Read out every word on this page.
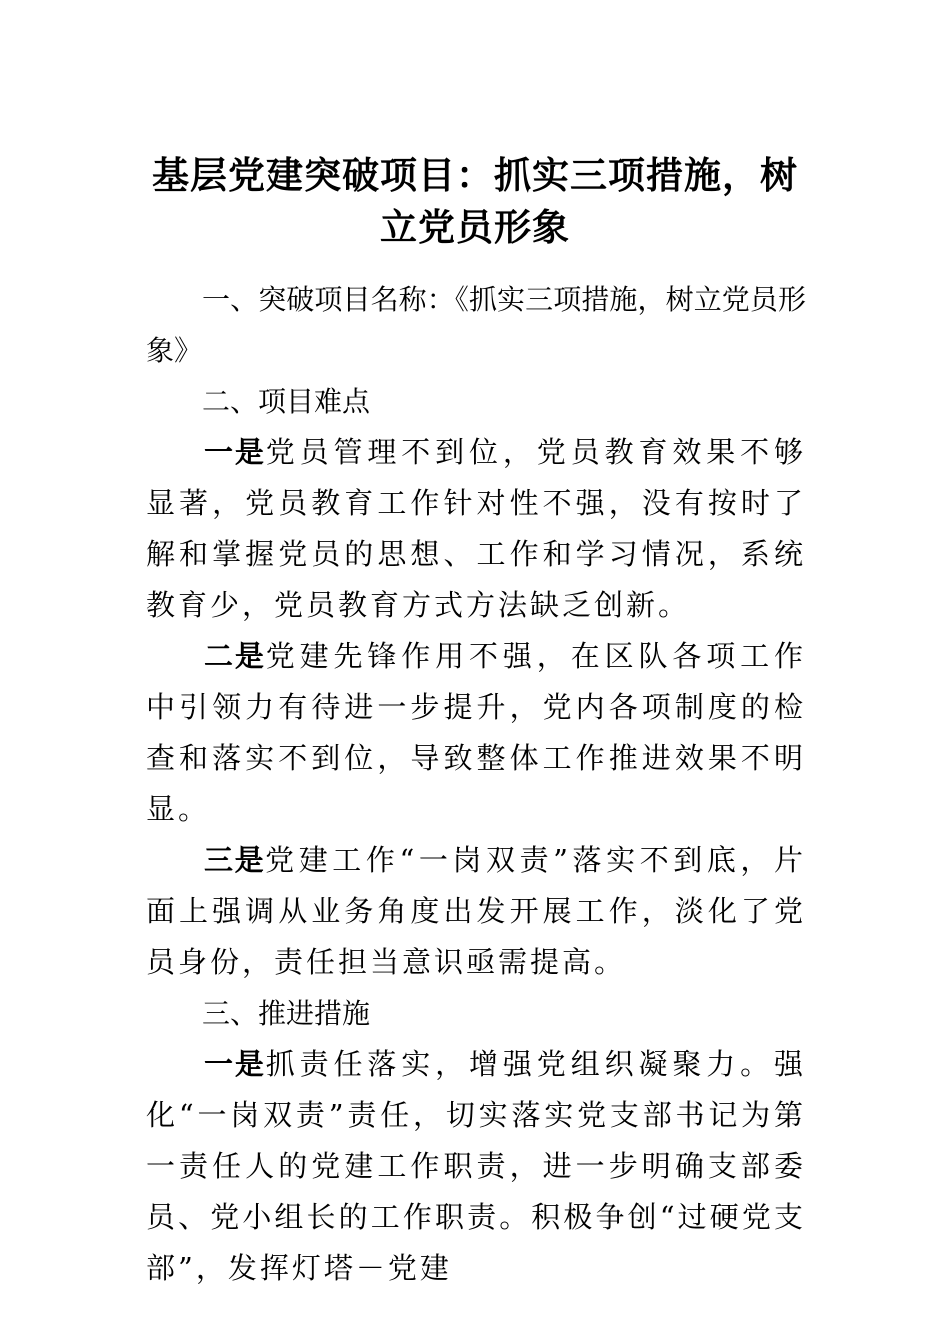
基层党建突破项目：抓实三项措施，树立党员形象

一、突破项目名称：《抓实三项措施，树立党员形象》

二、项目难点

一是党员管理不到位，党员教育效果不够显著，党员教育工作针对性不强，没有按时了解和掌握党员的思想、工作和学习情况，系统教育少，党员教育方式方法缺乏创新。

二是党建先锋作用不强，在区队各项工作中引领力有待进一步提升，党内各项制度的检查和落实不到位，导致整体工作推进效果不明显。

三是党建工作“一岗双责”落实不到底，片面上强调从业务角度出发开展工作，淡化了党员身份，责任担当意识亟需提高。

三、推进措施

一是抓责任落实，增强党组织凝聚力。强化“一岗双责”责任，切实落实党支部书记为第一责任人的党建工作职责，进一步明确支部委员、党小组长的工作职责。积极争创“过硬党支部”，发挥灯塔－党建
